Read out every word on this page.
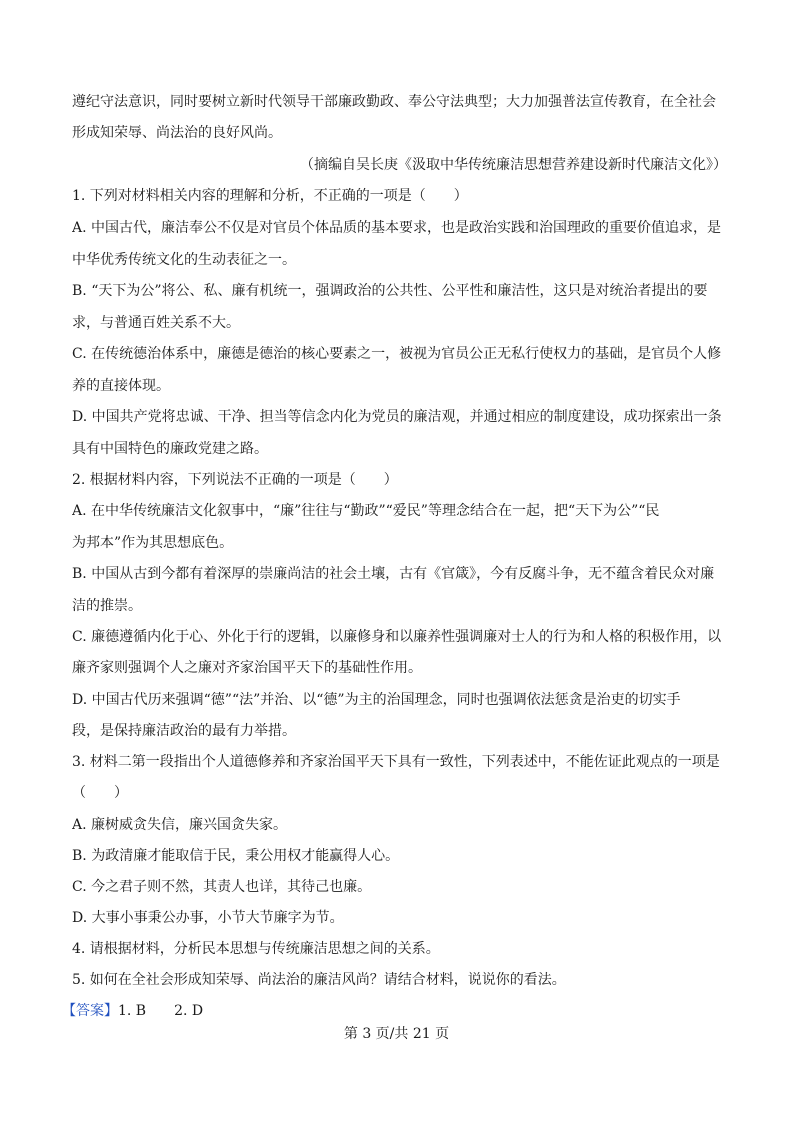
遵纪守法意识，同时要树立新时代领导干部廉政勤政、奉公守法典型；大力加强普法宣传教育，在全社会
形成知荣辱、尚法治的良好风尚。
（摘编自吴长庚《汲取中华传统廉洁思想营养建设新时代廉洁文化》）
1. 下列对材料相关内容的理解和分析，不正确的一项是（　　）
A. 中国古代，廉洁奉公不仅是对官员个体品质的基本要求，也是政治实践和治国理政的重要价值追求，是
中华优秀传统文化的生动表征之一。
B. “天下为公”将公、私、廉有机统一，强调政治的公共性、公平性和廉洁性，这只是对统治者提出的要
求，与普通百姓关系不大。
C. 在传统德治体系中，廉德是德治的核心要素之一，被视为官员公正无私行使权力的基础，是官员个人修
养的直接体现。
D. 中国共产党将忠诚、干净、担当等信念内化为党员的廉洁观，并通过相应的制度建设，成功探索出一条
具有中国特色的廉政党建之路。
2. 根据材料内容，下列说法不正确的一项是（　　）
A. 在中华传统廉洁文化叙事中，“廉”往往与“勤政”“爱民”等理念结合在一起，把“天下为公”“民
为邦本”作为其思想底色。
B. 中国从古到今都有着深厚的崇廉尚洁的社会土壤，古有《官箴》，今有反腐斗争，无不蕴含着民众对廉
洁的推崇。
C. 廉德遵循内化于心、外化于行的逻辑，以廉修身和以廉养性强调廉对士人的行为和人格的积极作用，以
廉齐家则强调个人之廉对齐家治国平天下的基础性作用。
D. 中国古代历来强调“德”“法”并治、以“德”为主的治国理念，同时也强调依法惩贪是治吏的切实手
段，是保持廉洁政治的最有力举措。
3. 材料二第一段指出个人道德修养和齐家治国平天下具有一致性，下列表述中，不能佐证此观点的一项是
（　　）
A. 廉树威贪失信，廉兴国贪失家。
B. 为政清廉才能取信于民，秉公用权才能赢得人心。
C. 今之君子则不然，其责人也详，其待己也廉。
D. 大事小事秉公办事，小节大节廉字为节。
4. 请根据材料，分析民本思想与传统廉洁思想之间的关系。
5. 如何在全社会形成知荣辱、尚法治的廉洁风尚？请结合材料，说说你的看法。
【答案】1. B　　2. D
第 3 页/共 21 页
